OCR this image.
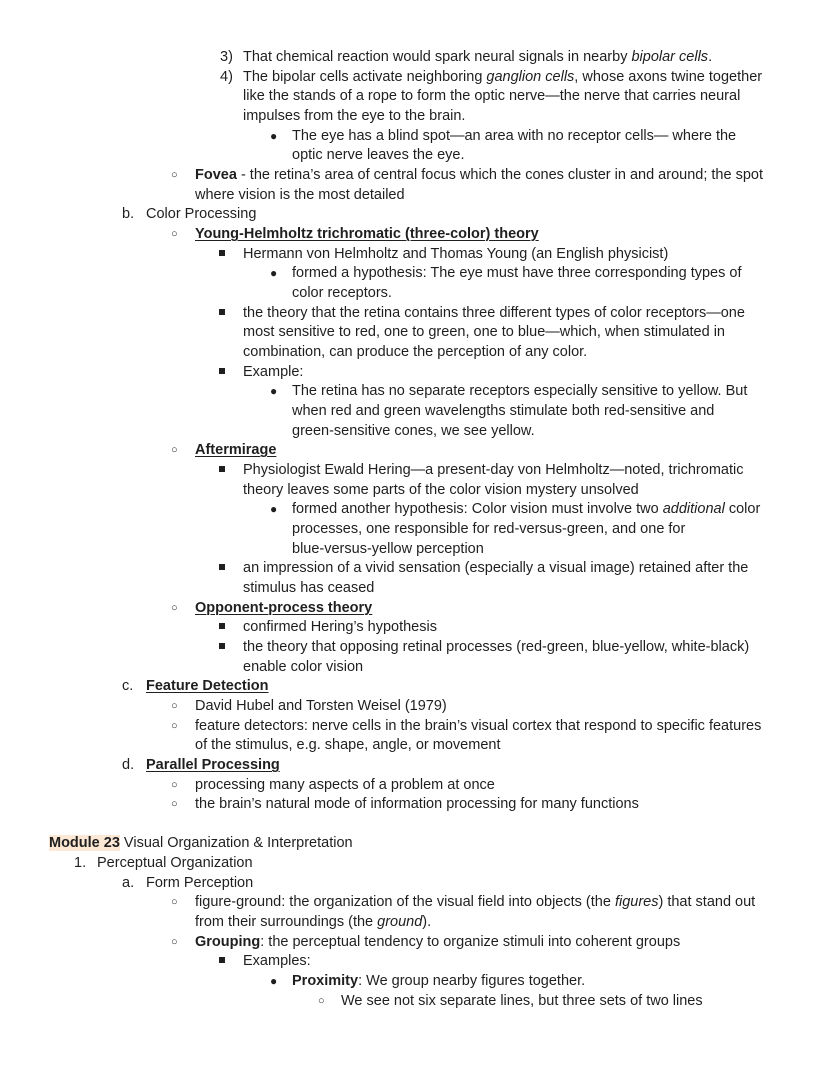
3) That chemical reaction would spark neural signals in nearby bipolar cells.
4) The bipolar cells activate neighboring ganglion cells, whose axons twine together
like the stands of a rope to form the optic nerve—the nerve that carries neural
impulses from the eye to the brain.
● The eye has a blind spot—an area with no receptor cells— where the
optic nerve leaves the eye.
○ Fovea - the retina’s area of central focus which the cones cluster in and around; the spot
where vision is the most detailed
b. Color Processing
○ Young-Helmholtz trichromatic (three-color) theory
Hermann von Helmholtz and Thomas Young (an English physicist)
● formed a hypothesis: The eye must have three corresponding types of
color receptors.
the theory that the retina contains three different types of color receptors—one
most sensitive to red, one to green, one to blue—which, when stimulated in
combination, can produce the perception of any color.
Example:
● The retina has no separate receptors especially sensitive to yellow. But
when red and green wavelengths stimulate both red-sensitive and
green-sensitive cones, we see yellow.
○ Aftermirage
Physiologist Ewald Hering—a present-day von Helmholtz—noted, trichromatic
theory leaves some parts of the color vision mystery unsolved
● formed another hypothesis: Color vision must involve two additional color
processes, one responsible for red-versus-green, and one for
blue-versus-yellow perception
an impression of a vivid sensation (especially a visual image) retained after the
stimulus has ceased
○ Opponent-process theory
confirmed Hering’s hypothesis
the theory that opposing retinal processes (red-green, blue-yellow, white-black)
enable color vision
c. Feature Detection
○ David Hubel and Torsten Weisel (1979)
○ feature detectors: nerve cells in the brain’s visual cortex that respond to specific features
of the stimulus, e.g. shape, angle, or movement
d. Parallel Processing
○ processing many aspects of a problem at once
○ the brain’s natural mode of information processing for many functions
Module 23 Visual Organization & Interpretation
1. Perceptual Organization
a. Form Perception
○ figure-ground: the organization of the visual field into objects (the figures) that stand out
from their surroundings (the ground).
○ Grouping: the perceptual tendency to organize stimuli into coherent groups
Examples:
● Proximity: We group nearby figures together.
○ We see not six separate lines, but three sets of two lines
